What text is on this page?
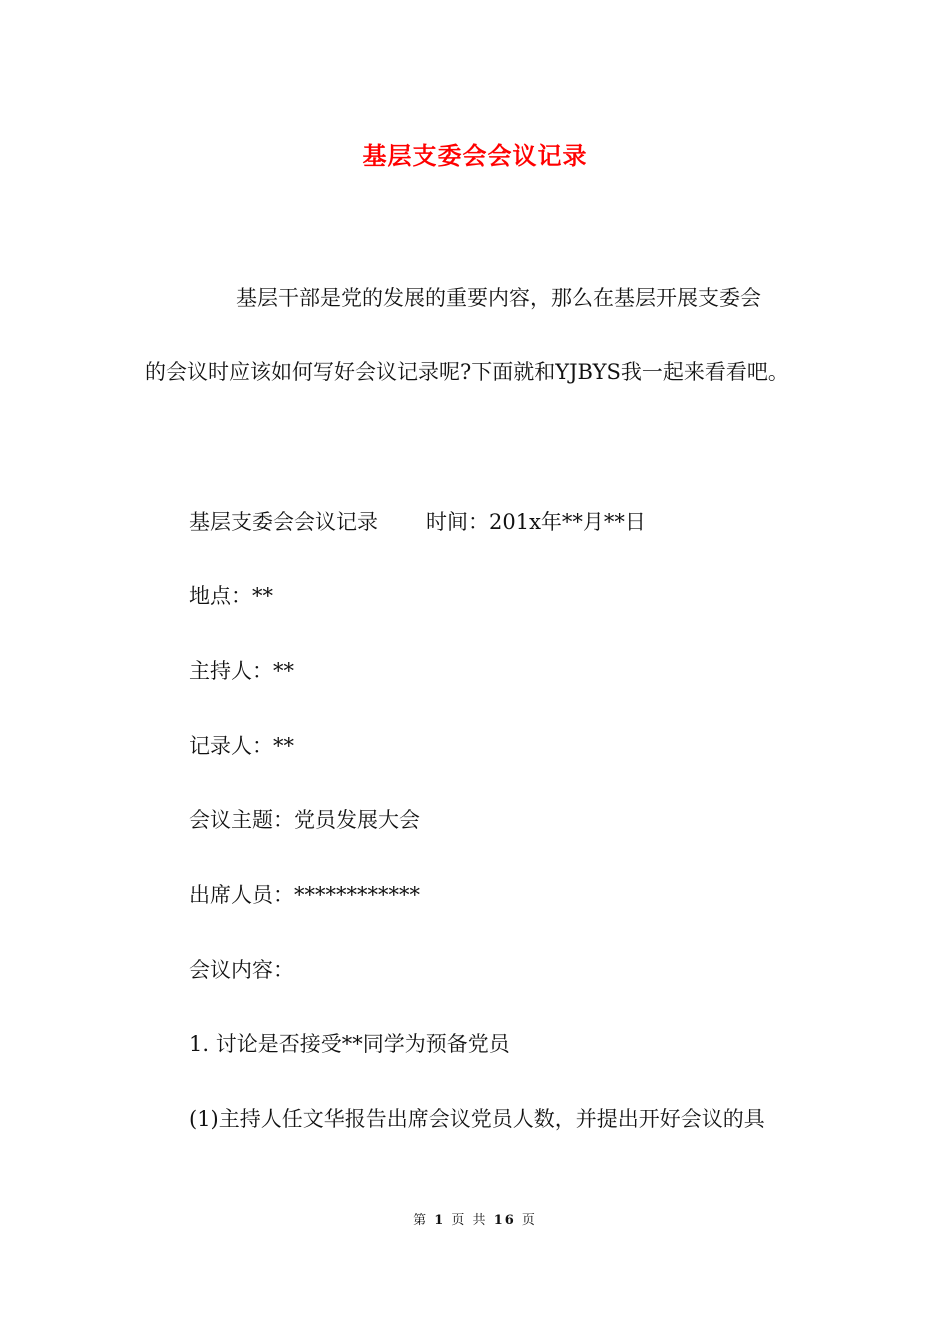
基层支委会会议记录
基层干部是党的发展的重要内容，那么在基层开展支委会
的会议时应该如何写好会议记录呢?下面就和YJBYS我一起来看看吧。
基层支委会会议记录 时间：201x年**月**日
地点：**
主持人：**
记录人：**
会议主题：党员发展大会
出席人员：************
会议内容：
1. 讨论是否接受**同学为预备党员
(1)主持人任文华报告出席会议党员人数，并提出开好会议的具
第 1 页 共 16 页
